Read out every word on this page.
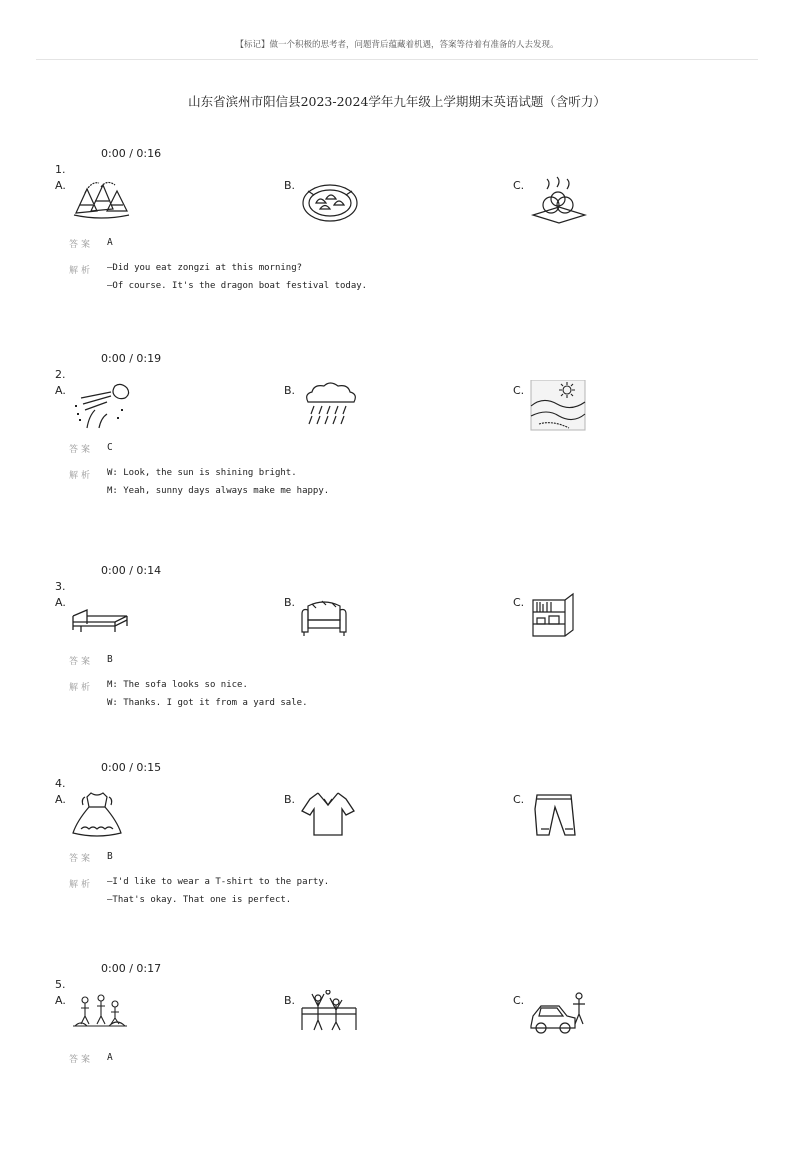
【标记】做一个积极的思考者，问题背后蕴藏着机遇，答案等待着有准备的人去发现。
山东省滨州市阳信县2023-2024学年九年级上学期期末英语试题（含听力）
0:00 / 0:16
1.
A.	B.	C.
答案 A
解析 —Did you eat zongzi at this morning?
—Of course. It's the dragon boat festival today.
0:00 / 0:19
2.
A.	B.	C.
答案 C
解析 W: Look, the sun is shining bright.
M: Yeah, sunny days always make me happy.
0:00 / 0:14
3.
A.	B.	C.
答案 B
解析 M: The sofa looks so nice.
W: Thanks. I got it from a yard sale.
0:00 / 0:15
4.
A.	B.	C.
答案 B
解析 —I'd like to wear a T-shirt to the party.
—That's okay. That one is perfect.
0:00 / 0:17
5.
A.	B.	C.
答案 A
